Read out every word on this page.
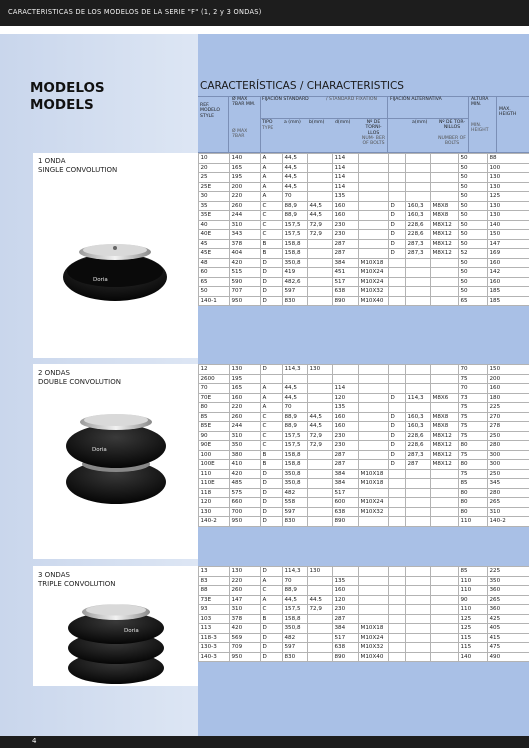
CARACTERISTICAS DE LOS MODELOS DE LA SERIE "F" (1, 2 y 3 ONDAS)
MODELOS
MODELS
CARACTERÍSTICAS / CHARACTERISTICS
REF. MODELO STYLE
Ø MAX 7BAR MM.
Ø MAX 7BAR
FIJACIÓN STANDARD	/ STANDARD FIXATION	FIJACIÓN ALTERNATIVA	ALTURA MIN.
MIN. HEIGHT
MAX. HEIGTH
TIPO
TYPE
a (mm) b(mm) d(mm)	Nº DE TORNI- LLOS
NUM- BER OF BOLTS
a(mm)	Nº DE TOR- NILLOS
NUMBER OF BOLTS
1 ONDA
SINGLE CONVOLUTION
Doria
10	140	A	44,5		114					50	88
20	165	A	44,5		114					50	100
25	195	A	44,5		114					50	130
25E	200	A	44,5		114					50	130
30	220	A	70		135					50	125
35	260	C	88,9	44,5	160		D	160,3	M8X8	50	130
35E	244	C	88,9	44,5	160		D	160,3	M8X8	50	130
40	310	C	157,5	72,9	230		D	228,6	M8X12	50	140
40E	343	C	157,5	72,9	230		D	228,6	M8X12	50	150
45	378	B	158,8		287		D	287,3	M8X12	50	147
45E	404	B	158,8		287		D	287,3	M8X12	52	169
48	420	D	350,8		384	M10X18				50	160
60	515	D	419		451	M10X24				50	142
65	590	D	482,6		517	M10X24				50	160
50	707	D	597		638	M10X32				50	185
140-1	950	D	830		890	M10X40				65	185
2 ONDAS
DOUBLE CONVOLUTION
Doria
12	130	D	114,3	130						70	150
2600	195									75	200
70	165	A	44,5		114					70	160
70E	160	A	44,5		120		D	114,3	M8X6	73	180
80	220	A	70		135					75	225
85	260	C	88,9	44,5	160		D	160,3	M8X8	75	270
85E	244	C	88,9	44,5	160		D	160,3	M8X8	75	278
90	310	C	157,5	72,9	230		D	228,6	M8X12	75	250
90E	350	C	157,5	72,9	230		D	228,6	M8X12	80	280
100	380	B	158,8		287		D	287,3	M8X12	75	300
100E	410	B	158,8		287		D	287	M8X12	80	300
110	420	D	350,8		384	M10X18				75	250
110E	485	D	350,8		384	M10X18				85	345
118	575	D	482		517					80	280
120	660	D	558		600	M10X24				80	265
130	700	D	597		638	M10X32				80	310
140-2	950	D	830		890					110	140-2
3 ONDAS
TRIPLE CONVOLUTION
Doria
13	130	D	114,3	130						85	225
83	220	A	70		135					110	350
88	260	C	88,9		160					110	360
73E	147	A	44,5	44.5	120					90	265
93	310	C	157,5	72,9	230					110	360
103	378	B	158,8		287					125	425
113	420	D	350,8		384	M10X18				125	405
118-3	569	D	482		517	M10X24				115	415
130-3	709	D	597		638	M10X32				115	475
140-3	950	D	830		890	M10X40				140	490
4
